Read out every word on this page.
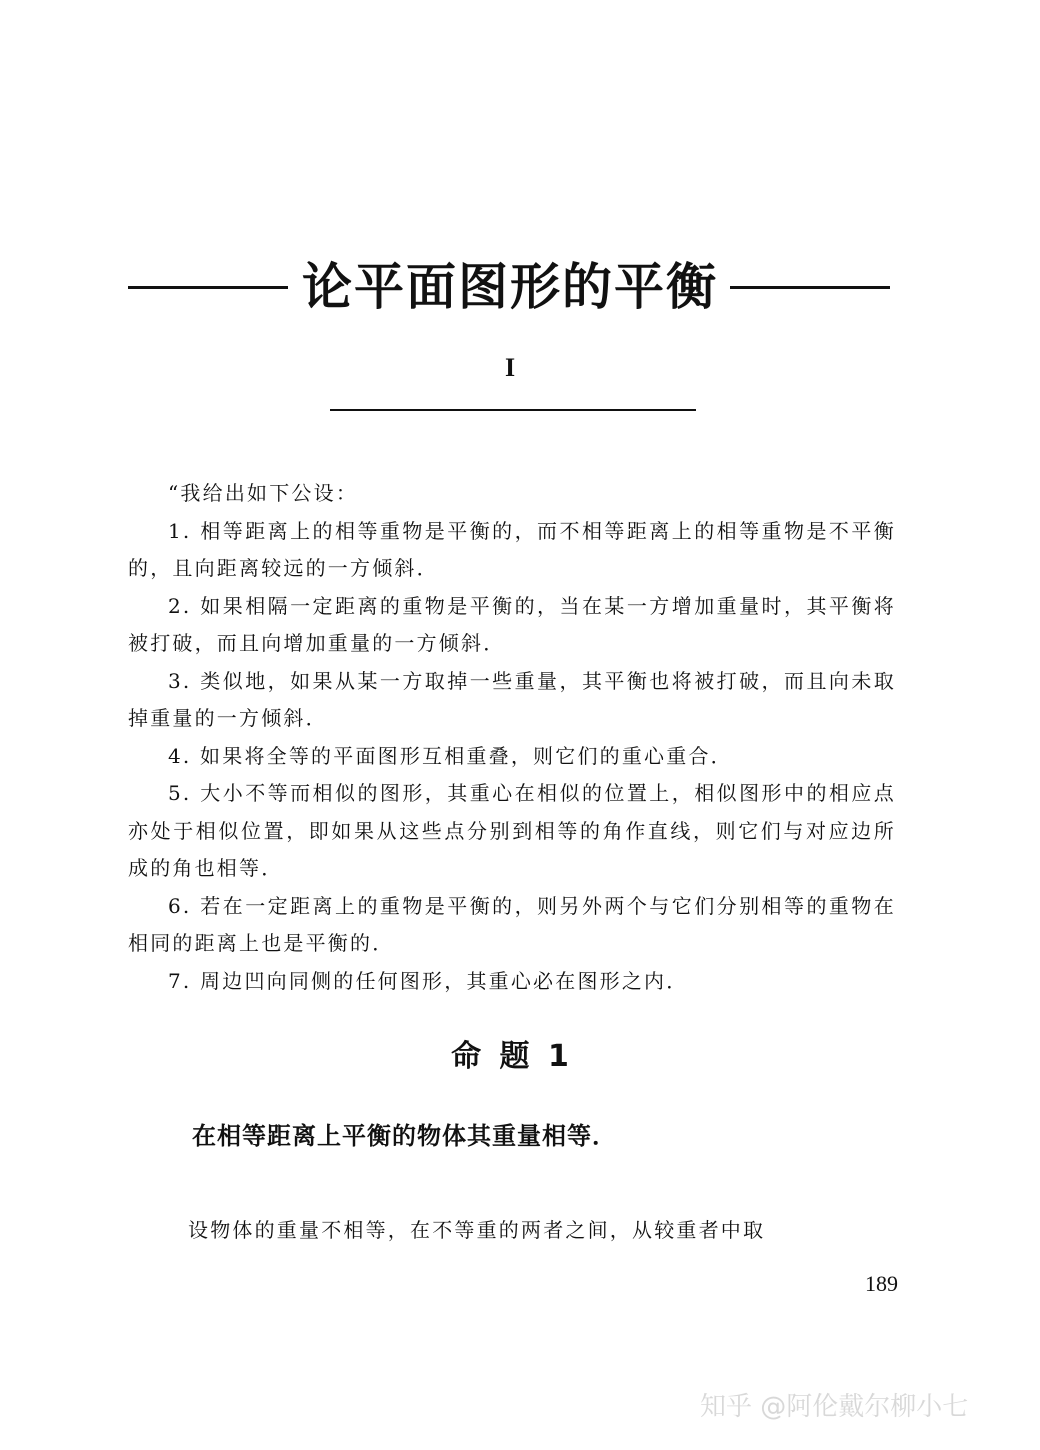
论平面图形的平衡
I

“我给出如下公设：

1. 相等距离上的相等重物是平衡的，而不相等距离上的相等重物是不平衡的，且向距离较远的一方倾斜．

2. 如果相隔一定距离的重物是平衡的，当在某一方增加重量时，其平衡将被打破，而且向增加重量的一方倾斜．

3. 类似地，如果从某一方取掉一些重量，其平衡也将被打破，而且向未取掉重量的一方倾斜．

4. 如果将全等的平面图形互相重叠，则它们的重心重合．

5. 大小不等而相似的图形，其重心在相似的位置上，相似图形中的相应点亦处于相似位置，即如果从这些点分别到相等的角作直线，则它们与对应边所成的角也相等．

6. 若在一定距离上的重物是平衡的，则另外两个与它们分别相等的重物在相同的距离上也是平衡的．

7. 周边凹向同侧的任何图形，其重心必在图形之内．

命 题 1
在相等距离上平衡的物体其重量相等．
设物体的重量不相等，在不等重的两者之间，从较重者中取
189
知乎 @阿伦戴尔柳小七
